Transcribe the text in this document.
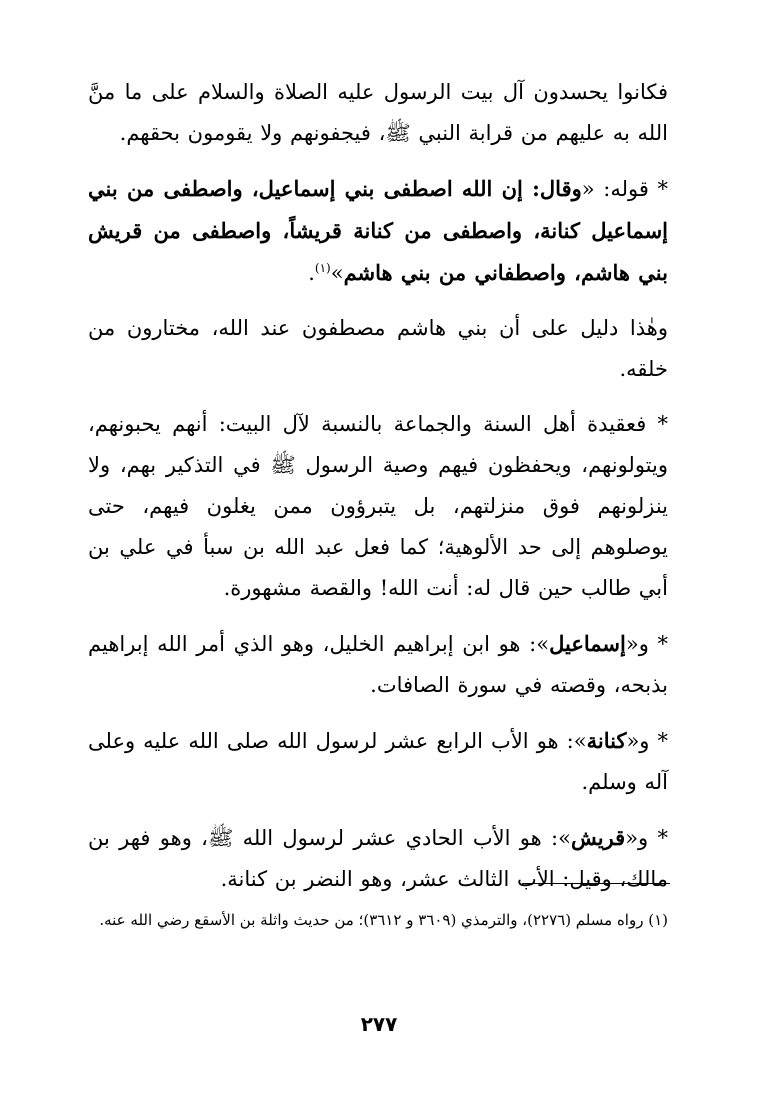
فكانوا يحسدون آل بيت الرسول عليه الصلاة والسلام على ما منَّ الله به عليهم من قرابة النبي ﷺ، فيجفونهم ولا يقومون بحقهم.

* قوله: «وقال: إن الله اصطفى بني إسماعيل، واصطفى من بني إسماعيل كنانة، واصطفى من كنانة قريشاً، واصطفى من قريش بني هاشم، واصطفاني من بني هاشم»$^{(١)}$.

وهٰذا دليل على أن بني هاشم مصطفون عند الله، مختارون من خلقه.

* فعقيدة أهل السنة والجماعة بالنسبة لآل البيت: أنهم يحبونهم، ويتولونهم، ويحفظون فيهم وصية الرسول ﷺ في التذكير بهم، ولا ينزلونهم فوق منزلتهم، بل يتبرؤون ممن يغلون فيهم، حتى يوصلوهم إلى حد الألوهية؛ كما فعل عبد الله بن سبأ في علي بن أبي طالب حين قال له: أنت الله! والقصة مشهورة.

* و«إسماعيل»: هو ابن إبراهيم الخليل، وهو الذي أمر الله إبراهيم بذبحه، وقصته في سورة الصافات.

* و«كنانة»: هو الأب الرابع عشر لرسول الله صلى الله عليه وعلى آله وسلم.

* و«قريش»: هو الأب الحادي عشر لرسول الله ﷺ، وهو فهر بن مالك، وقيل: الأب الثالث عشر، وهو النضر بن كنانة.

(١) رواه مسلم (٢٢٧٦)، والترمذي (٣٦٠٩ و ٣٦١٢)؛ من حديث واثلة بن الأسقع رضي الله عنه.
٢٧٧
